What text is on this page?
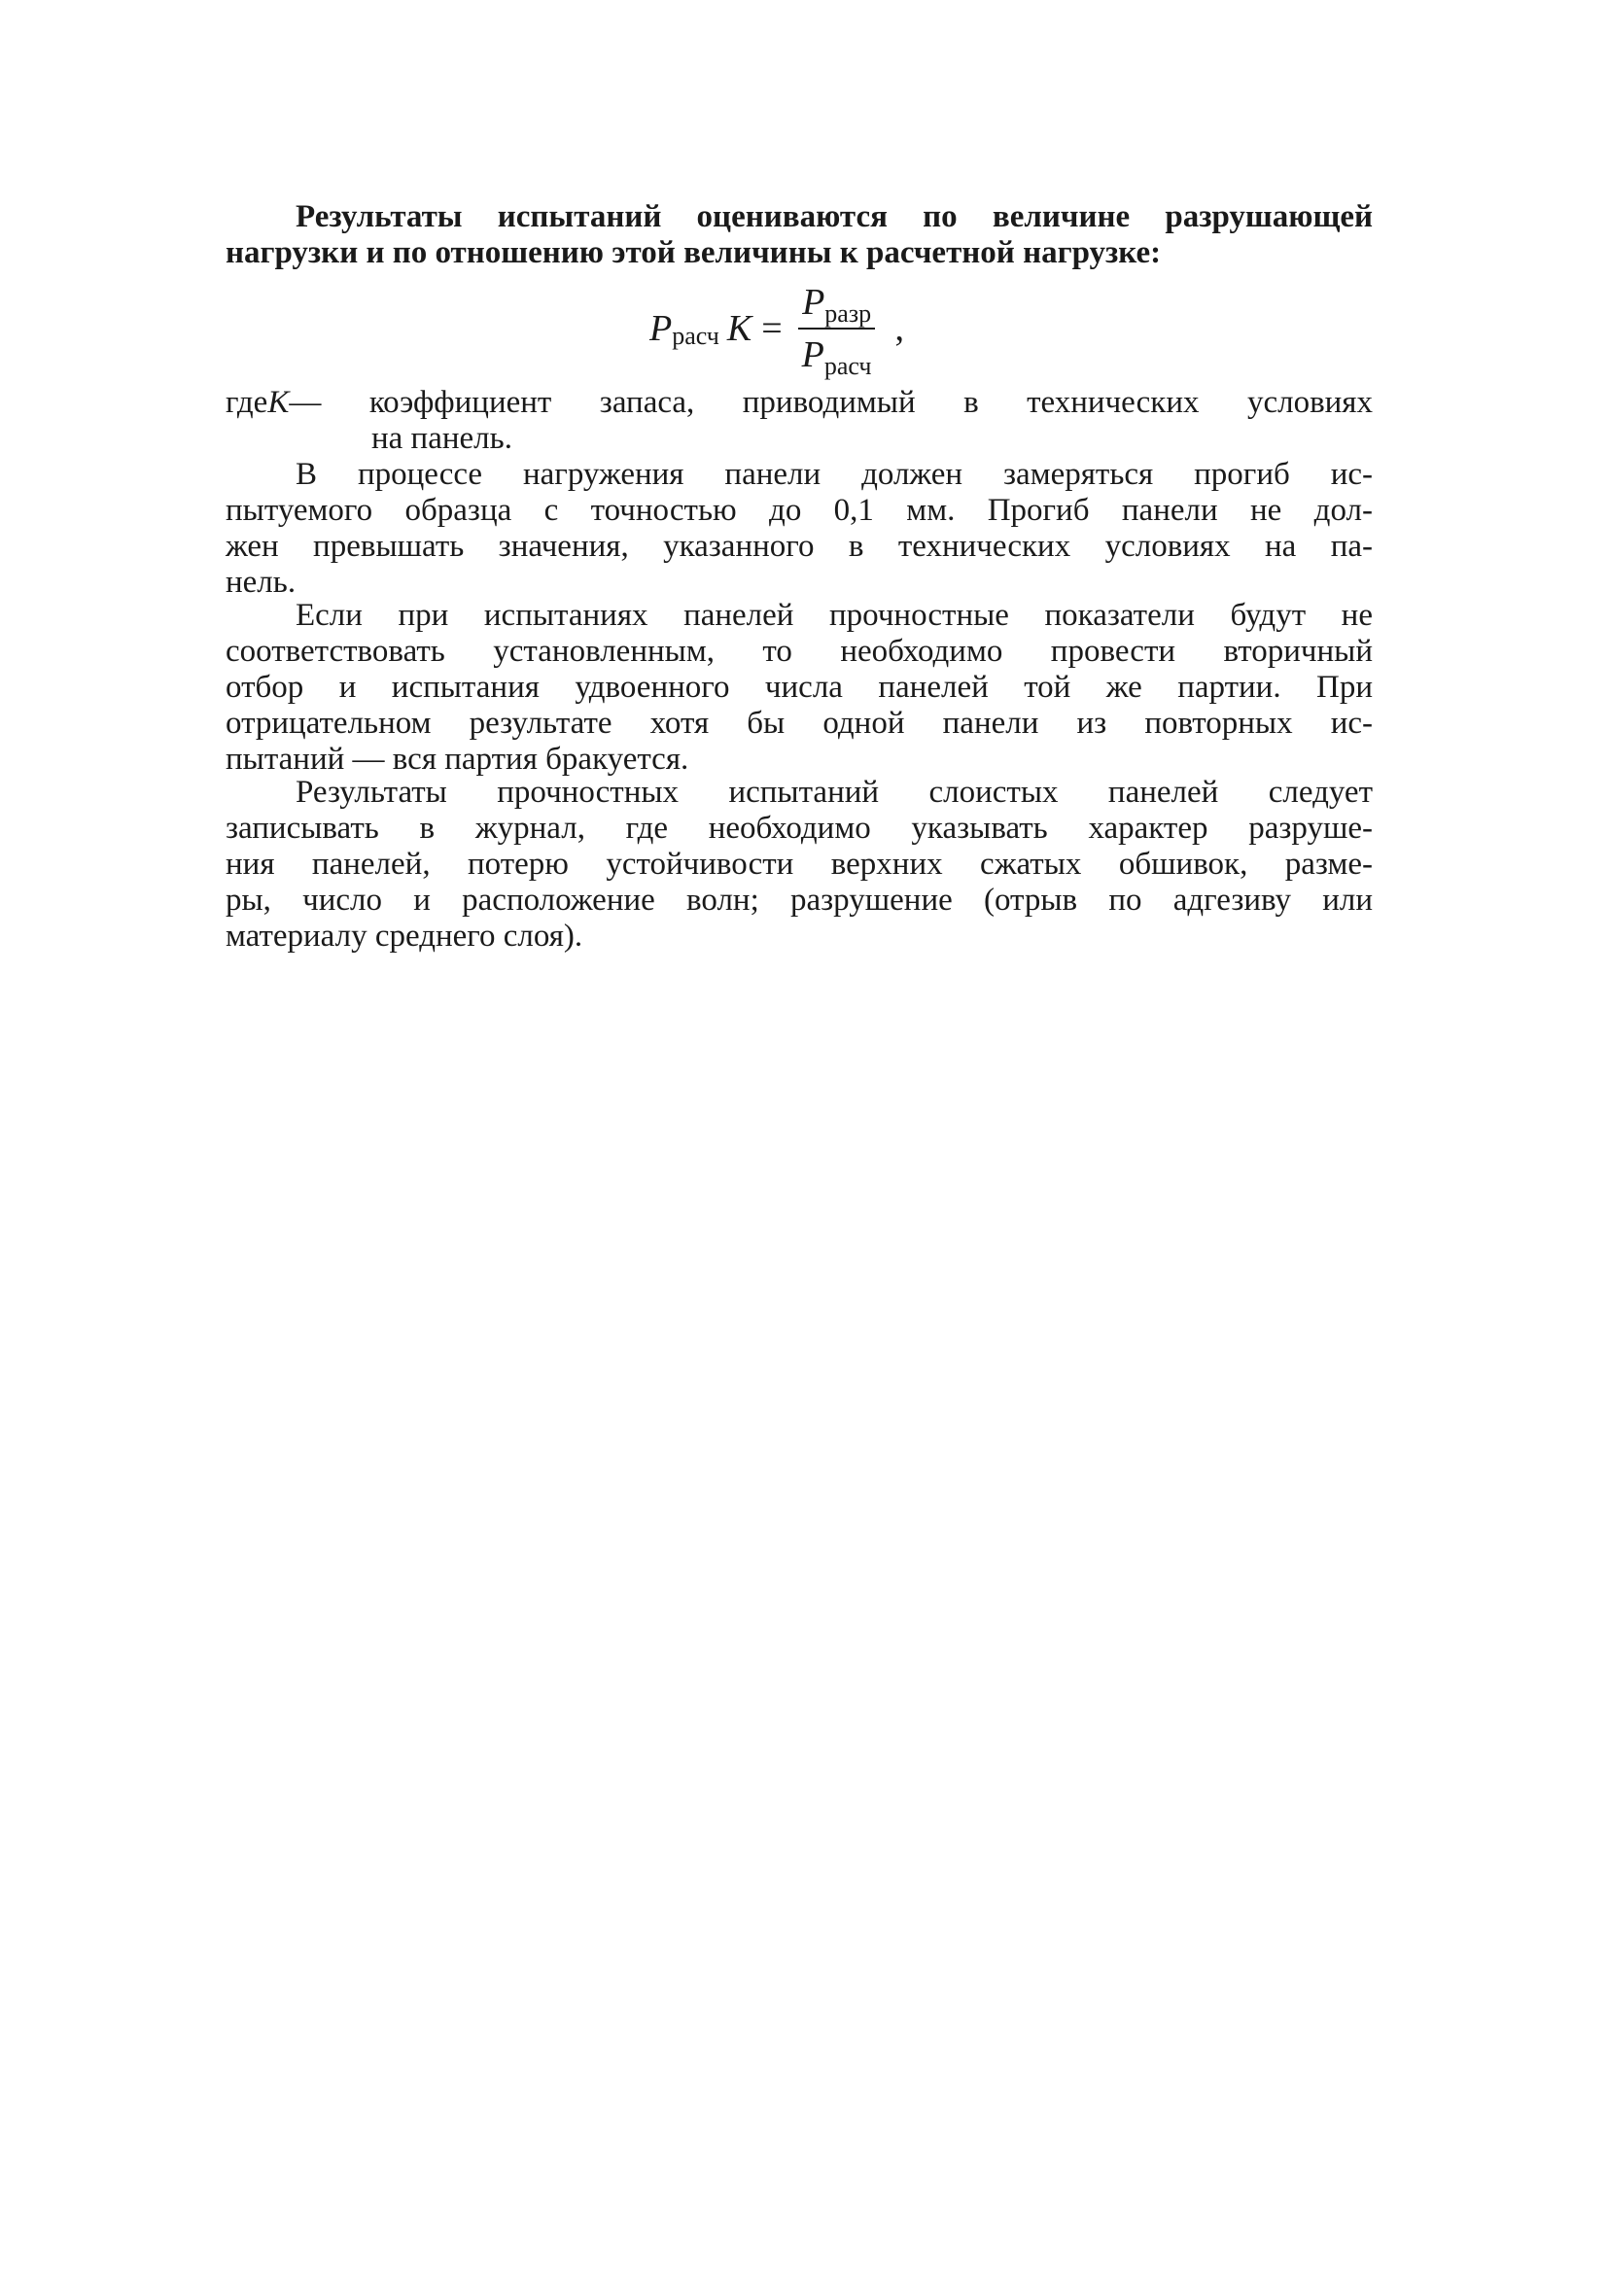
Результаты испытаний оцениваются по величине разрушающей
нагрузки и по отношению этой величины к расчетной нагрузке:
P расч $K = \frac{P_{разр}}{P_{расч}}$ ,
где K — коэффициент запаса, приводимый в технических условиях
на панель.
В процессе нагружения панели должен замеряться прогиб ис-
пытуемого образца с точностью до 0,1 мм. Прогиб панели не дол-
жен превышать значения, указанного в технических условиях на па-
нель.
Если при испытаниях панелей прочностные показатели будут не
соответствовать установленным, то необходимо провести вторичный
отбор и испытания удвоенного числа панелей той же партии. При
отрицательном результате хотя бы одной панели из повторных ис-
пытаний — вся партия бракуется.
Результаты прочностных испытаний слоистых панелей следует
записывать в журнал, где необходимо указывать характер разруше-
ния панелей, потерю устойчивости верхних сжатых обшивок, разме-
ры, число и расположение волн; разрушение (отрыв по адгезиву или
материалу среднего слоя).
